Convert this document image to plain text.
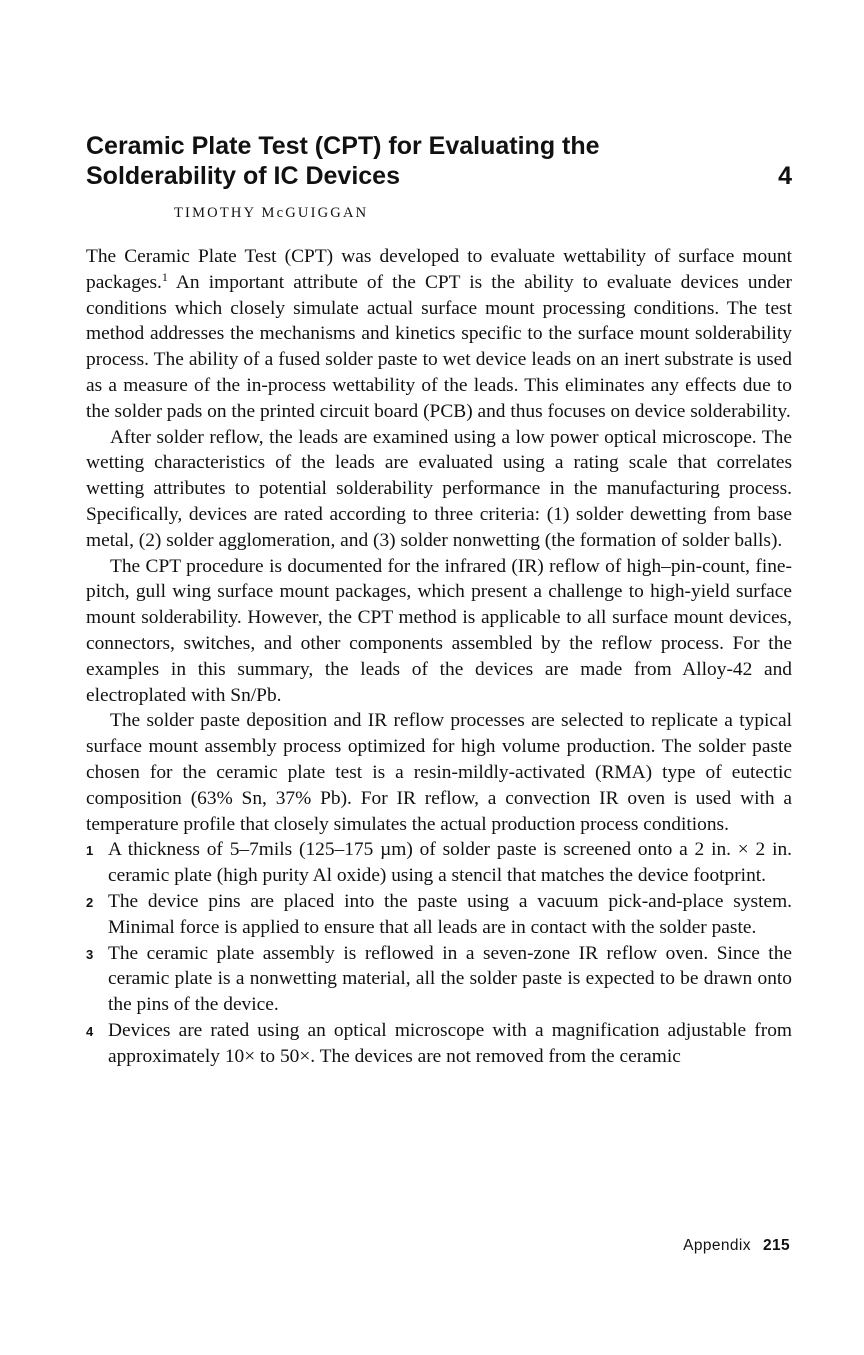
Ceramic Plate Test (CPT) for Evaluating the
Solderability of IC Devices	4
TIMOTHY McGUIGGAN

The Ceramic Plate Test (CPT) was developed to evaluate wettability of surface mount packages.$^1$ An important attribute of the CPT is the ability to evaluate devices under conditions which closely simulate actual surface mount processing conditions. The test method addresses the mechanisms and kinetics specific to the surface mount solderability process. The ability of a fused solder paste to wet device leads on an inert substrate is used as a measure of the in-process wettability of the leads. This eliminates any effects due to the solder pads on the printed circuit board (PCB) and thus focuses on device solderability.

After solder reflow, the leads are examined using a low power optical microscope. The wetting characteristics of the leads are evaluated using a rating scale that correlates wetting attributes to potential solderability performance in the manufacturing process. Specifically, devices are rated according to three criteria: (1) solder dewetting from base metal, (2) solder agglomeration, and (3) solder nonwetting (the formation of solder balls).

The CPT procedure is documented for the infrared (IR) reflow of high–pin-count, fine-pitch, gull wing surface mount packages, which present a challenge to high-yield surface mount solderability. However, the CPT method is applicable to all surface mount devices, connectors, switches, and other components assembled by the reflow process. For the examples in this summary, the leads of the devices are made from Alloy-42 and electroplated with Sn/Pb.

The solder paste deposition and IR reflow processes are selected to replicate a typical surface mount assembly process optimized for high volume production. The solder paste chosen for the ceramic plate test is a resin-mildly-activated (RMA) type of eutectic composition (63% Sn, 37% Pb). For IR reflow, a convection IR oven is used with a temperature profile that closely simulates the actual production process conditions.

1 A thickness of 5–7mils (125–175 µm) of solder paste is screened onto a 2 in. × 2 in. ceramic plate (high purity Al oxide) using a stencil that matches the device footprint.
2 The device pins are placed into the paste using a vacuum pick-and-place system. Minimal force is applied to ensure that all leads are in contact with the solder paste.
3 The ceramic plate assembly is reflowed in a seven-zone IR reflow oven. Since the ceramic plate is a nonwetting material, all the solder paste is expected to be drawn onto the pins of the device.
4 Devices are rated using an optical microscope with a magnification adjustable from approximately 10× to 50×. The devices are not removed from the ceramic
Appendix 215
